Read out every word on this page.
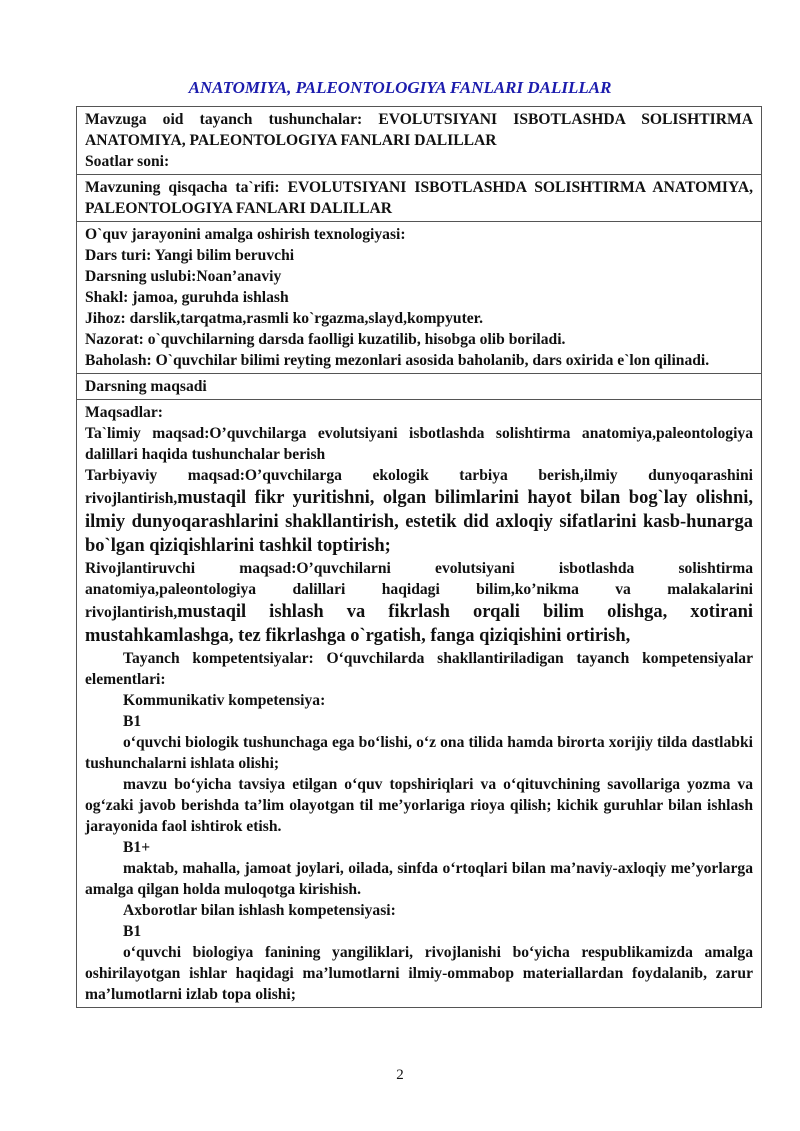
ANATOMIYA, PALEONTOLOGIYA FANLARI DALILLAR

Mavzuga oid tayanch tushunchalar: EVOLUTSIYANI ISBOTLASHDA SOLISHTIRMA ANATOMIYA, PALEONTOLOGIYA FANLARI DALILLAR

Soatlar soni:

Mavzuning qisqacha ta`rifi: EVOLUTSIYANI ISBOTLASHDA SOLISHTIRMA ANATOMIYA, PALEONTOLOGIYA FANLARI DALILLAR

O`quv jarayonini amalga oshirish texnologiyasi:

Dars turi: Yangi bilim beruvchi

Darsning uslubi:Noan’anaviy

Shakl: jamoa, guruhda ishlash

Jihoz: darslik,tarqatma,rasmli ko`rgazma,slayd,kompyuter.

Nazorat: o`quvchilarning darsda faolligi kuzatilib, hisobga olib boriladi.

Baholash: O`quvchilar bilimi reyting mezonlari asosida baholanib, dars oxirida e`lon qilinadi.

Darsning maqsadi

Maqsadlar:

Ta`limiy maqsad:O’quvchilarga evolutsiyani isbotlashda solishtirma anatomiya,paleontologiya dalillari haqida tushunchalar berish

Tarbiyaviy maqsad:O’quvchilarga ekologik tarbiya berish,ilmiy dunyoqarashini rivojlantirish,mustaqil fikr yuritishni, olgan bilimlarini hayot bilan bog`lay olishni, ilmiy dunyoqarashlarini shakllantirish, estetik did axloqiy sifatlarini kasb-hunarga bo`lgan qiziqishlarini tashkil toptirish;

Rivojlantiruvchi maqsad:O’quvchilarni evolutsiyani isbotlashda solishtirma anatomiya,paleontologiya dalillari haqidagi bilim,ko’nikma va malakalarini rivojlantirish,mustaqil ishlash va fikrlash orqali bilim olishga, xotirani mustahkamlashga, tez fikrlashga o`rgatish, fanga qiziqishini ortirish,

Tayanch kompetentsiyalar: O‘quvchilarda shakllantiriladigan tayanch kompetensiyalar elementlari:

Kommunikativ kompetensiya:

B1

o‘quvchi biologik tushunchaga ega bo‘lishi, o‘z ona tilida hamda birorta xorijiy tilda dastlabki tushunchalarni ishlata olishi;

mavzu bo‘yicha tavsiya etilgan o‘quv topshiriqlari va o‘qituvchining savollariga yozma va og‘zaki javob berishda ta’lim olayotgan til me’yorlariga rioya qilish; kichik guruhlar bilan ishlash jarayonida faol ishtirok etish.

B1+

maktab, mahalla, jamoat joylari, oilada, sinfda o‘rtoqlari bilan ma’naviy-axloqiy me’yorlarga amalga qilgan holda muloqotga kirishish.

Axborotlar bilan ishlash kompetensiyasi:

B1

o‘quvchi biologiya fanining yangiliklari, rivojlanishi bo‘yicha respublikamizda amalga oshirilayotgan ishlar haqidagi ma’lumotlarni ilmiy-ommabop materiallardan foydalanib, zarur ma’lumotlarni izlab topa olishi;

2
